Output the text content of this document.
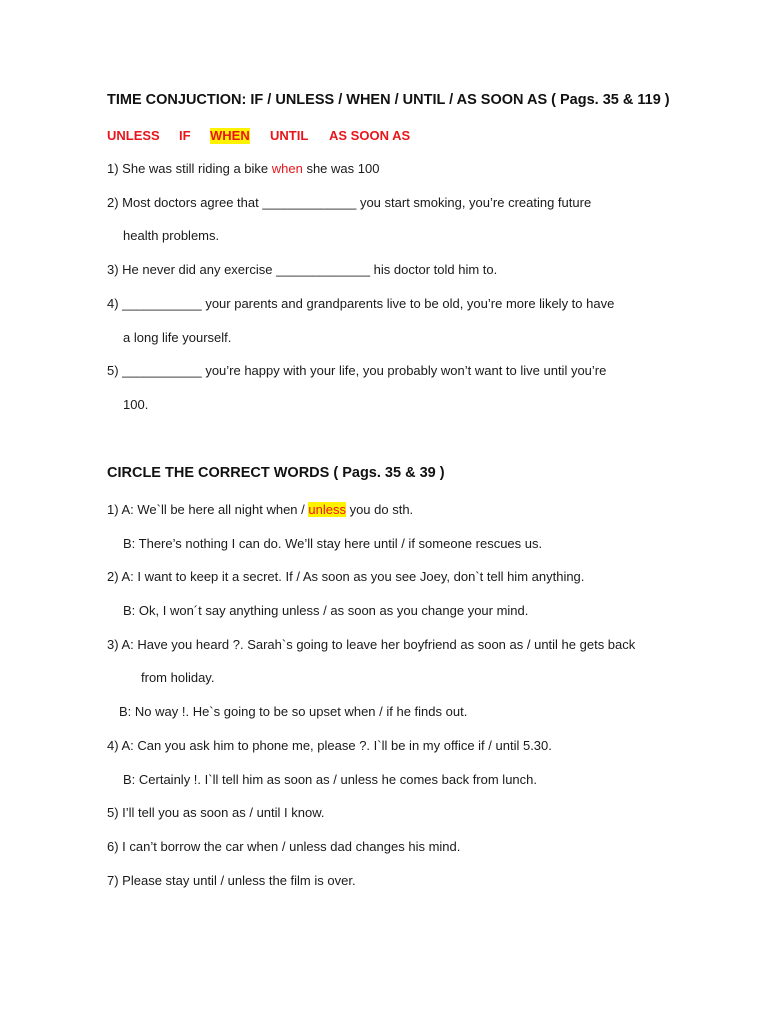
TIME CONJUCTION: IF / UNLESS / WHEN / UNTIL / AS SOON AS ( Pags. 35 & 119 )
UNLESS IF WHEN UNTIL AS SOON AS
1) She was still riding a bike when she was 100
2) Most doctors agree that _____________ you start smoking, you’re creating future
health problems.
3) He never did any exercise _____________ his doctor told him to.
4) ___________ your parents and grandparents live to be old, you’re more likely to have
a long life yourself.
5) ___________ you’re happy with your life, you probably won’t want to live until you’re
100.
CIRCLE THE CORRECT WORDS ( Pags. 35 & 39 )
1) A: We`ll be here all night when / unless you do sth.
B: There’s nothing I can do. We’ll stay here until / if someone rescues us.
2) A: I want to keep it a secret. If / As soon as you see Joey, don`t tell him anything.
B: Ok, I won´t say anything unless / as soon as you change your mind.
3) A: Have you heard ?. Sarah`s going to leave her boyfriend as soon as / until he gets back
from holiday.
B: No way !. He`s going to be so upset when / if he finds out.
4) A: Can you ask him to phone me, please ?. I`ll be in my office if / until 5.30.
B: Certainly !. I`ll tell him as soon as / unless he comes back from lunch.
5) I’ll tell you as soon as / until I know.
6) I can’t borrow the car when / unless dad changes his mind.
7) Please stay until / unless the film is over.
